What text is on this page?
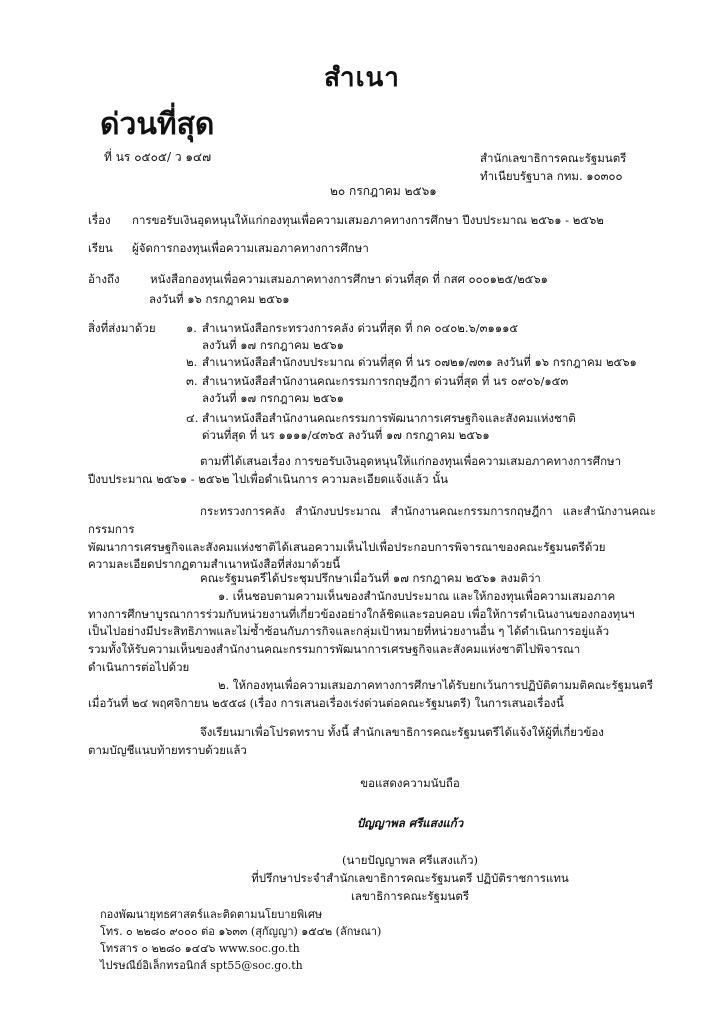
สำเนา
ด่วนที่สุด
ที่ นร ๐๕๐๕/ ว ๑๔๗	สำนักเลขาธิการคณะรัฐมนตรี
ทำเนียบรัฐบาล กทม. ๑๐๓๐๐
๒๐ กรกฎาคม ๒๕๖๑
เรื่อง การขอรับเงินอุดหนุนให้แก่กองทุนเพื่อความเสมอภาคทางการศึกษา ปีงบประมาณ ๒๕๖๑ - ๒๕๖๒
เรียน ผู้จัดการกองทุนเพื่อความเสมอภาคทางการศึกษา
อ้างถึง	หนังสือกองทุนเพื่อความเสมอภาคทางการศึกษา ด่วนที่สุด ที่ กสศ ๐๐๐๑๒๕/๒๕๖๑
ลงวันที่ ๑๖ กรกฎาคม ๒๕๖๑
สิ่งที่ส่งมาด้วย	๑. สำเนาหนังสือกระทรวงการคลัง ด่วนที่สุด ที่ กค ๐๔๐๒.๖/๓๑๑๑๕
ลงวันที่ ๑๗ กรกฎาคม ๒๕๖๑
๒. สำเนาหนังสือสำนักงบประมาณ ด่วนที่สุด ที่ นร ๐๗๒๑/๗๓๑ ลงวันที่ ๑๖ กรกฎาคม ๒๕๖๑
๓. สำเนาหนังสือสำนักงานคณะกรรมการกฤษฎีกา ด่วนที่สุด ที่ นร ๐๙๐๖/๑๕๓
ลงวันที่ ๑๗ กรกฎาคม ๒๕๖๑
๔. สำเนาหนังสือสำนักงานคณะกรรมการพัฒนาการเศรษฐกิจและสังคมแห่งชาติ
ด่วนที่สุด ที่ นร ๑๑๑๑/๔๓๖๕ ลงวันที่ ๑๗ กรกฎาคม ๒๕๖๑
ตามที่ได้เสนอเรื่อง การขอรับเงินอุดหนุนให้แก่กองทุนเพื่อความเสมอภาคทางการศึกษา
ปีงบประมาณ ๒๕๖๑ - ๒๕๖๒ ไปเพื่อดำเนินการ ความละเอียดแจ้งแล้ว นั้น
กระทรวงการคลัง สำนักงบประมาณ สำนักงานคณะกรรมการกฤษฎีกา และสำนักงานคณะกรรมการ
พัฒนาการเศรษฐกิจและสังคมแห่งชาติได้เสนอความเห็นไปเพื่อประกอบการพิจารณาของคณะรัฐมนตรีด้วย
ความละเอียดปรากฏตามสำเนาหนังสือที่ส่งมาด้วยนี้
คณะรัฐมนตรีได้ประชุมปรึกษาเมื่อวันที่ ๑๗ กรกฎาคม ๒๕๖๑ ลงมติว่า
๑. เห็นชอบตามความเห็นของสำนักงบประมาณ และให้กองทุนเพื่อความเสมอภาค
ทางการศึกษาบูรณาการร่วมกับหน่วยงานที่เกี่ยวข้องอย่างใกล้ชิดและรอบคอบ เพื่อให้การดำเนินงานของกองทุนฯ
เป็นไปอย่างมีประสิทธิภาพและไม่ซ้ำซ้อนกับภารกิจและกลุ่มเป้าหมายที่หน่วยงานอื่น ๆ ได้ดำเนินการอยู่แล้ว
รวมทั้งให้รับความเห็นของสำนักงานคณะกรรมการพัฒนาการเศรษฐกิจและสังคมแห่งชาติไปพิจารณา
ดำเนินการต่อไปด้วย
๒. ให้กองทุนเพื่อความเสมอภาคทางการศึกษาได้รับยกเว้นการปฏิบัติตามมติคณะรัฐมนตรี
เมื่อวันที่ ๒๔ พฤศจิกายน ๒๕๕๘ (เรื่อง การเสนอเรื่องเร่งด่วนต่อคณะรัฐมนตรี) ในการเสนอเรื่องนี้
จึงเรียนมาเพื่อโปรดทราบ ทั้งนี้ สำนักเลขาธิการคณะรัฐมนตรีได้แจ้งให้ผู้ที่เกี่ยวข้อง
ตามบัญชีแนบท้ายทราบด้วยแล้ว
ขอแสดงความนับถือ
ปัญญาพล ศรีแสงแก้ว
(นายปัญญาพล ศรีแสงแก้ว)
ที่ปรึกษาประจำสำนักเลขาธิการคณะรัฐมนตรี ปฏิบัติราชการแทน
เลขาธิการคณะรัฐมนตรี
กองพัฒนายุทธศาสตร์และติดตามนโยบายพิเศษ
โทร. ๐ ๒๒๘๐ ๙๐๐๐ ต่อ ๑๖๓๓ (สุกัญญา) ๑๕๔๒ (ลักษณา)
โทรสาร ๐ ๒๒๘๐ ๑๔๔๖ www.soc.go.th
ไปรษณีย์อิเล็กทรอนิกส์ spt55@soc.go.th
